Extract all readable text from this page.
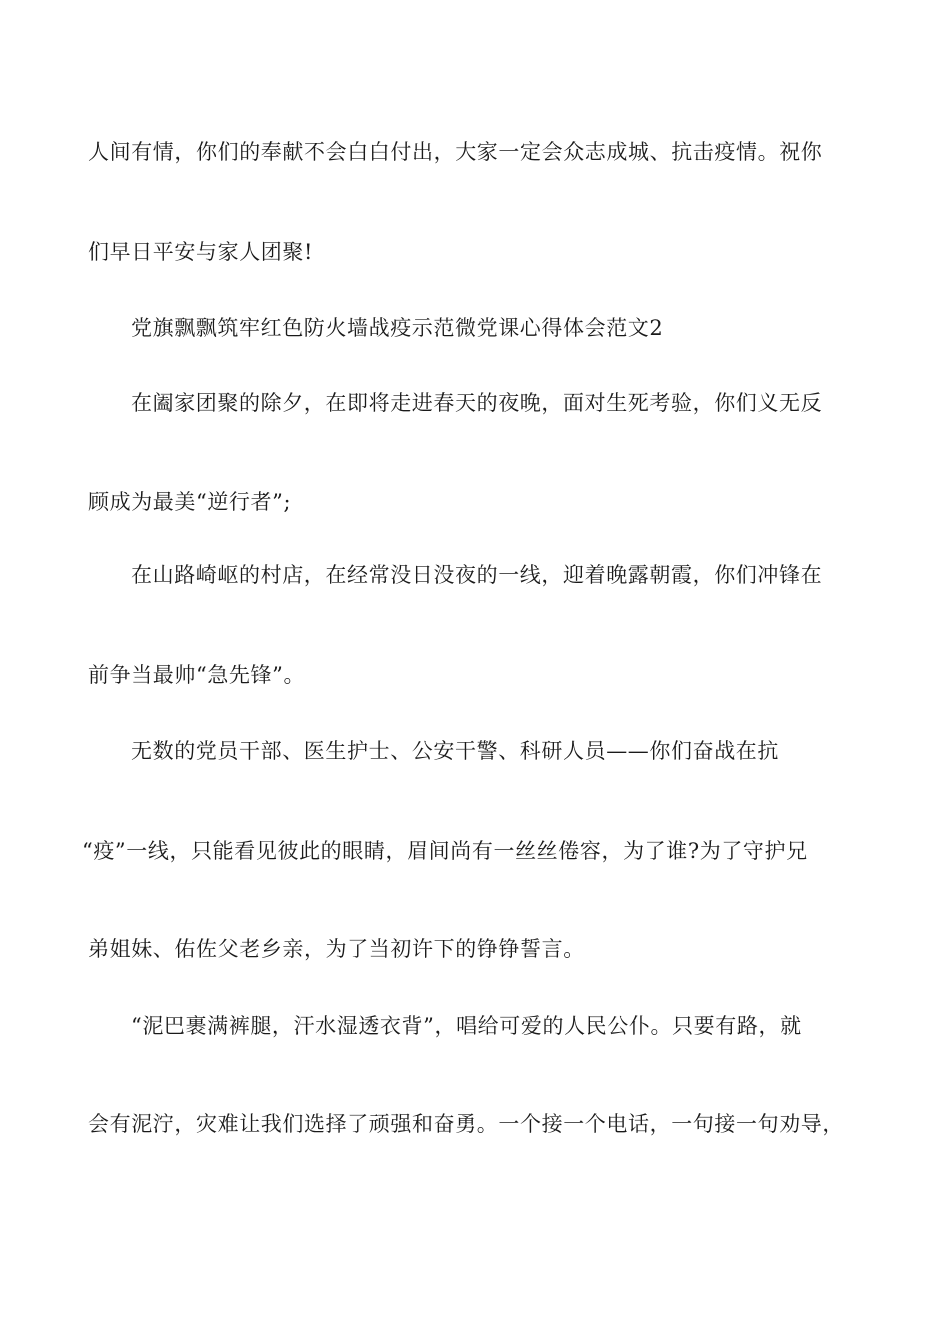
人间有情，你们的奉献不会白白付出，大家一定会众志成城、抗击疫情。祝你
们早日平安与家人团聚!
党旗飘飘筑牢红色防火墙战疫示范微党课心得体会范文2
在阖家团聚的除夕，在即将走进春天的夜晚，面对生死考验，你们义无反
顾成为最美“逆行者”;
在山路崎岖的村店，在经常没日没夜的一线，迎着晚露朝霞，你们冲锋在
前争当最帅“急先锋”。
无数的党员干部、医生护士、公安干警、科研人员——你们奋战在抗
“疫”一线，只能看见彼此的眼睛，眉间尚有一丝丝倦容，为了谁?为了守护兄
弟姐妹、佑佐父老乡亲，为了当初许下的铮铮誓言。
“泥巴裹满裤腿，汗水湿透衣背”，唱给可爱的人民公仆。只要有路，就
会有泥泞，灾难让我们选择了顽强和奋勇。一个接一个电话，一句接一句劝导，
